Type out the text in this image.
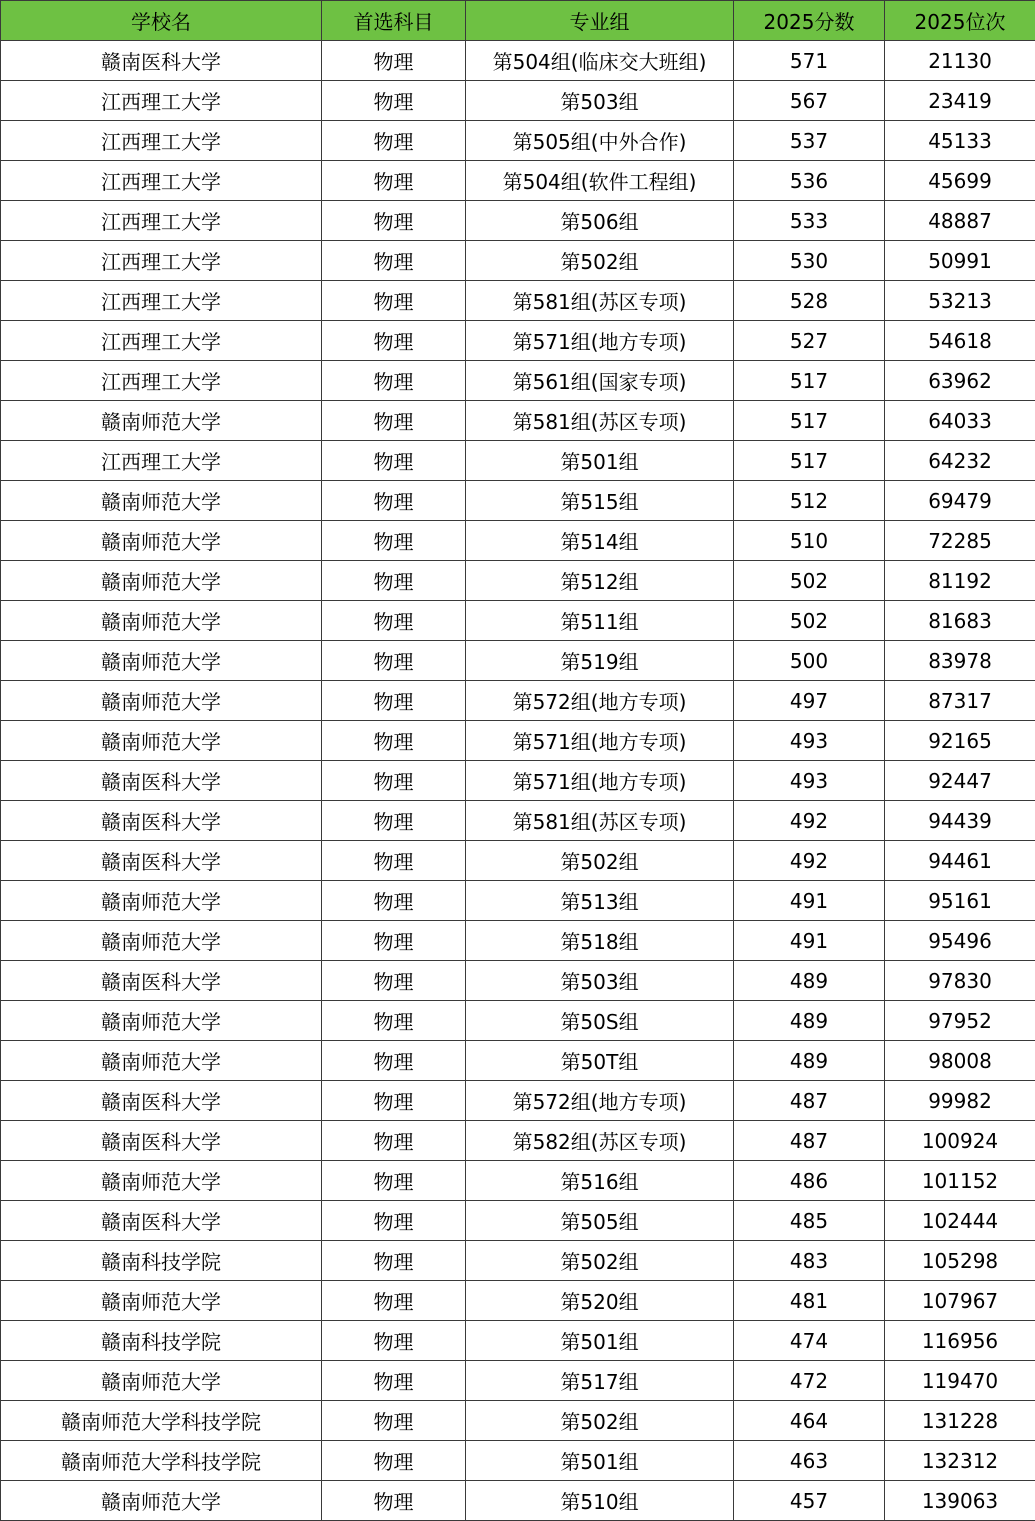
学校名	首选科目	专业组	2025分数	2025位次
赣南医科大学	物理	第504组(临床交大班组)	571	21130
江西理工大学	物理	第503组	567	23419
江西理工大学	物理	第505组(中外合作)	537	45133
江西理工大学	物理	第504组(软件工程组)	536	45699
江西理工大学	物理	第506组	533	48887
江西理工大学	物理	第502组	530	50991
江西理工大学	物理	第581组(苏区专项)	528	53213
江西理工大学	物理	第571组(地方专项)	527	54618
江西理工大学	物理	第561组(国家专项)	517	63962
赣南师范大学	物理	第581组(苏区专项)	517	64033
江西理工大学	物理	第501组	517	64232
赣南师范大学	物理	第515组	512	69479
赣南师范大学	物理	第514组	510	72285
赣南师范大学	物理	第512组	502	81192
赣南师范大学	物理	第511组	502	81683
赣南师范大学	物理	第519组	500	83978
赣南师范大学	物理	第572组(地方专项)	497	87317
赣南师范大学	物理	第571组(地方专项)	493	92165
赣南医科大学	物理	第571组(地方专项)	493	92447
赣南医科大学	物理	第581组(苏区专项)	492	94439
赣南医科大学	物理	第502组	492	94461
赣南师范大学	物理	第513组	491	95161
赣南师范大学	物理	第518组	491	95496
赣南医科大学	物理	第503组	489	97830
赣南师范大学	物理	第50S组	489	97952
赣南师范大学	物理	第50T组	489	98008
赣南医科大学	物理	第572组(地方专项)	487	99982
赣南医科大学	物理	第582组(苏区专项)	487	100924
赣南师范大学	物理	第516组	486	101152
赣南医科大学	物理	第505组	485	102444
赣南科技学院	物理	第502组	483	105298
赣南师范大学	物理	第520组	481	107967
赣南科技学院	物理	第501组	474	116956
赣南师范大学	物理	第517组	472	119470
赣南师范大学科技学院	物理	第502组	464	131228
赣南师范大学科技学院	物理	第501组	463	132312
赣南师范大学	物理	第510组	457	139063
